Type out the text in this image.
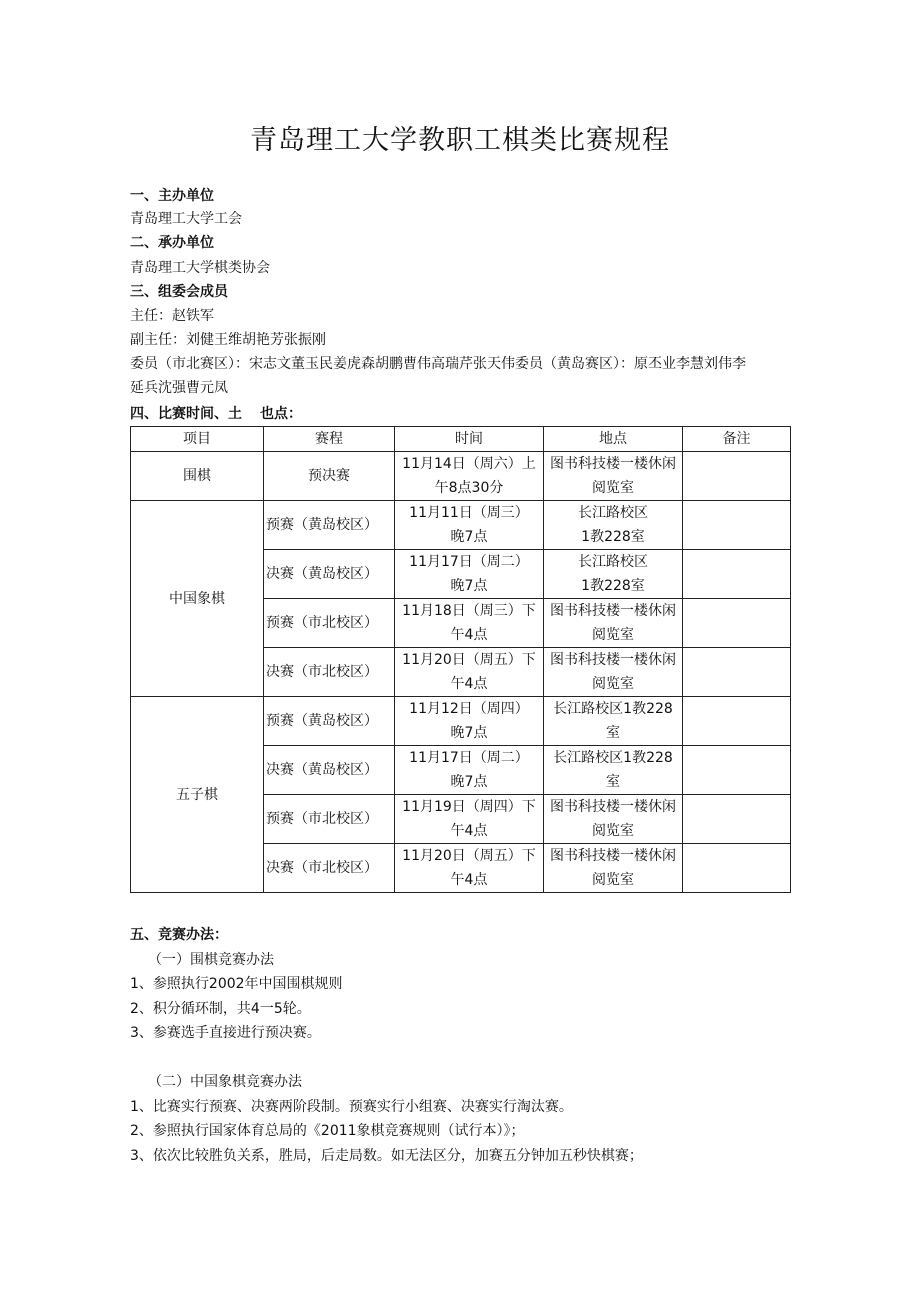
青岛理工大学教职工棋类比赛规程
一、主办单位
青岛理工大学工会
二、承办单位
青岛理工大学棋类协会
三、组委会成员
主任：赵铁军
副主任：刘健王维胡艳芳张振刚
委员（市北赛区）：宋志文董玉民姜虎森胡鹏曹伟高瑞芹张天伟委员（黄岛赛区）：原丕业李慧刘伟李
延兵沈强曹元凤
四、比赛时间、土 也点：
项目	赛程	时间	地点	备注
围棋	预决赛	11月14日（周六）上
午8点30分	图书科技楼一楼休闲
阅览室	
中国象棋	预赛（黄岛校区）	11月11日（周三）
晚7点	长江路校区
1教228室	
	决赛（黄岛校区）	11月17日（周二）
晚7点	长江路校区
1教228室	
	预赛（市北校区）	11月18日（周三）下
午4点	图书科技楼一楼休闲
阅览室	
	决赛（市北校区）	11月20日（周五）下
午4点	图书科技楼一楼休闲
阅览室	
五子棋	预赛（黄岛校区）	11月12日（周四）
晚7点	长江路校区1教228
室	
	决赛（黄岛校区）	11月17日（周二）
晚7点	长江路校区1教228
室	
	预赛（市北校区）	11月19日（周四）下
午4点	图书科技楼一楼休闲
阅览室	
	决赛（市北校区）	11月20日（周五）下
午4点	图书科技楼一楼休闲
阅览室	
五、竞赛办法：
（一）围棋竞赛办法
1、参照执行2002年中国围棋规则
2、积分循环制，共4一5轮。
3、参赛选手直接进行预决赛。
（二）中国象棋竞赛办法
1、比赛实行预赛、决赛两阶段制。预赛实行小组赛、决赛实行淘汰赛。
2、参照执行国家体育总局的《2011象棋竞赛规则（试行本）》；
3、依次比较胜负关系，胜局，后走局数。如无法区分，加赛五分钟加五秒快棋赛；
